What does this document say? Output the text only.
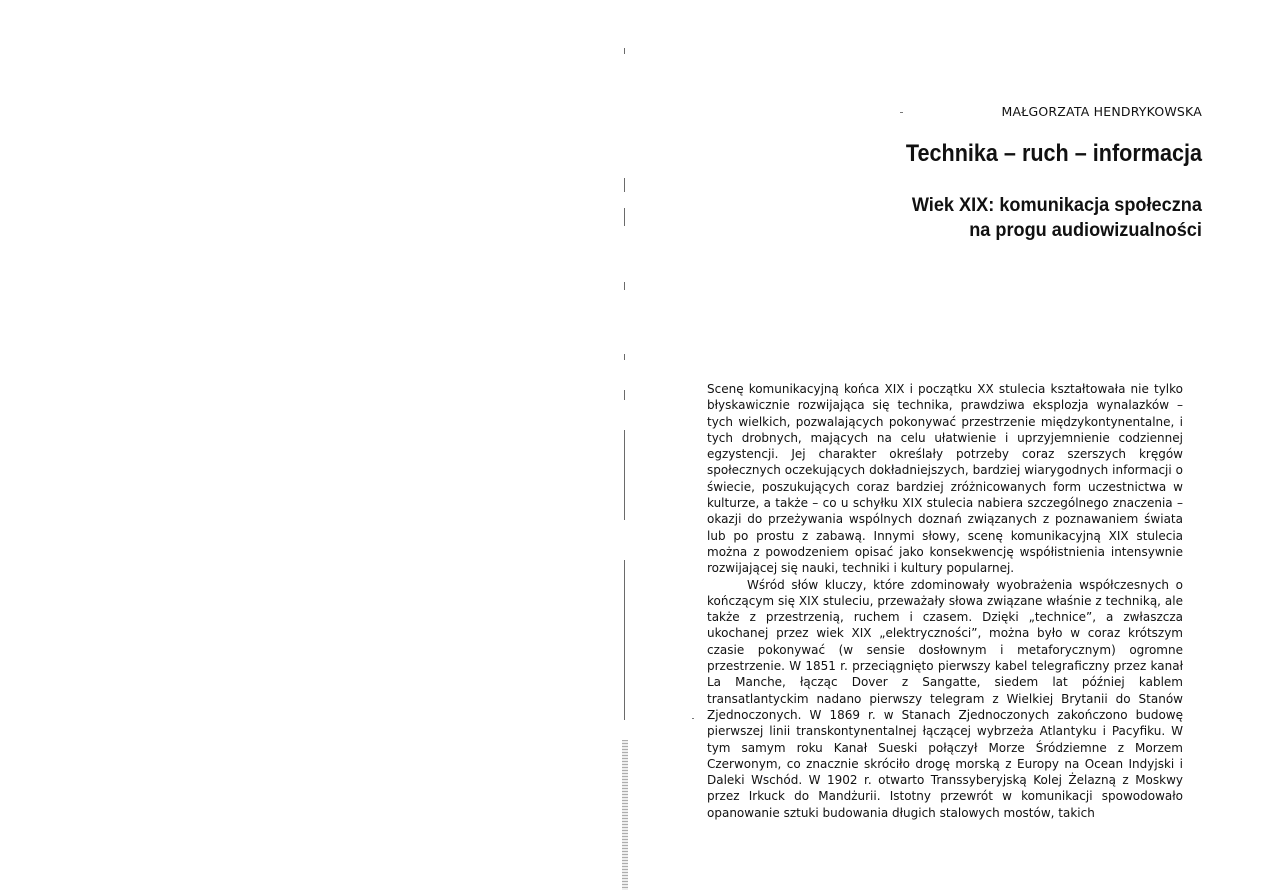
MAŁGORZATA HENDRYKOWSKA
Technika – ruch – informacja
Wiek XIX: komunikacja społeczna
na progu audiowizualności

Scenę komunikacyjną końca XIX i początku XX stulecia kształtowała nie tylko błyskawicznie rozwijająca się technika, prawdziwa eksplozja wynalazków – tych wielkich, pozwalających pokonywać przestrzenie międzykontynentalne, i tych drobnych, mających na celu ułatwienie i uprzyjemnienie codziennej egzystencji. Jej charakter określały potrzeby coraz szerszych kręgów społecznych oczekujących dokładniejszych, bardziej wiarygodnych informacji o świecie, poszukujących coraz bardziej zróżnicowanych form uczestnictwa w kulturze, a także – co u schyłku XIX stulecia nabiera szczególnego znaczenia – okazji do przeżywania wspólnych doznań związanych z poznawaniem świata lub po prostu z zabawą. Innymi słowy, scenę komunikacyjną XIX stulecia można z powodzeniem opisać jako konsekwencję współistnienia intensywnie rozwijającej się nauki, techniki i kultury popularnej.

Wśród słów kluczy, które zdominowały wyobrażenia współczesnych o kończącym się XIX stuleciu, przeważały słowa związane właśnie z techniką, ale także z przestrzenią, ruchem i czasem. Dzięki „technice”, a zwłaszcza ukochanej przez wiek XIX „elektryczności”, można było w coraz krótszym czasie pokonywać (w sensie dosłownym i metaforycznym) ogromne przestrzenie. W 1851 r. przeciągnięto pierwszy kabel telegraficzny przez kanał La Manche, łącząc Dover z Sangatte, siedem lat później kablem transatlantyckim nadano pierwszy telegram z Wielkiej Brytanii do Stanów Zjednoczonych. W 1869 r. w Stanach Zjednoczonych zakończono budowę pierwszej linii transkontynentalnej łączącej wybrzeża Atlantyku i Pacyfiku. W tym samym roku Kanał Sueski połączył Morze Śródziemne z Morzem Czerwonym, co znacznie skróciło drogę morską z Europy na Ocean Indyjski i Daleki Wschód. W 1902 r. otwarto Transsyberyjską Kolej Żelazną z Moskwy przez Irkuck do Mandżurii. Istotny przewrót w komunikacji spowodowało opanowanie sztuki budowania długich stalowych mostów, takich
